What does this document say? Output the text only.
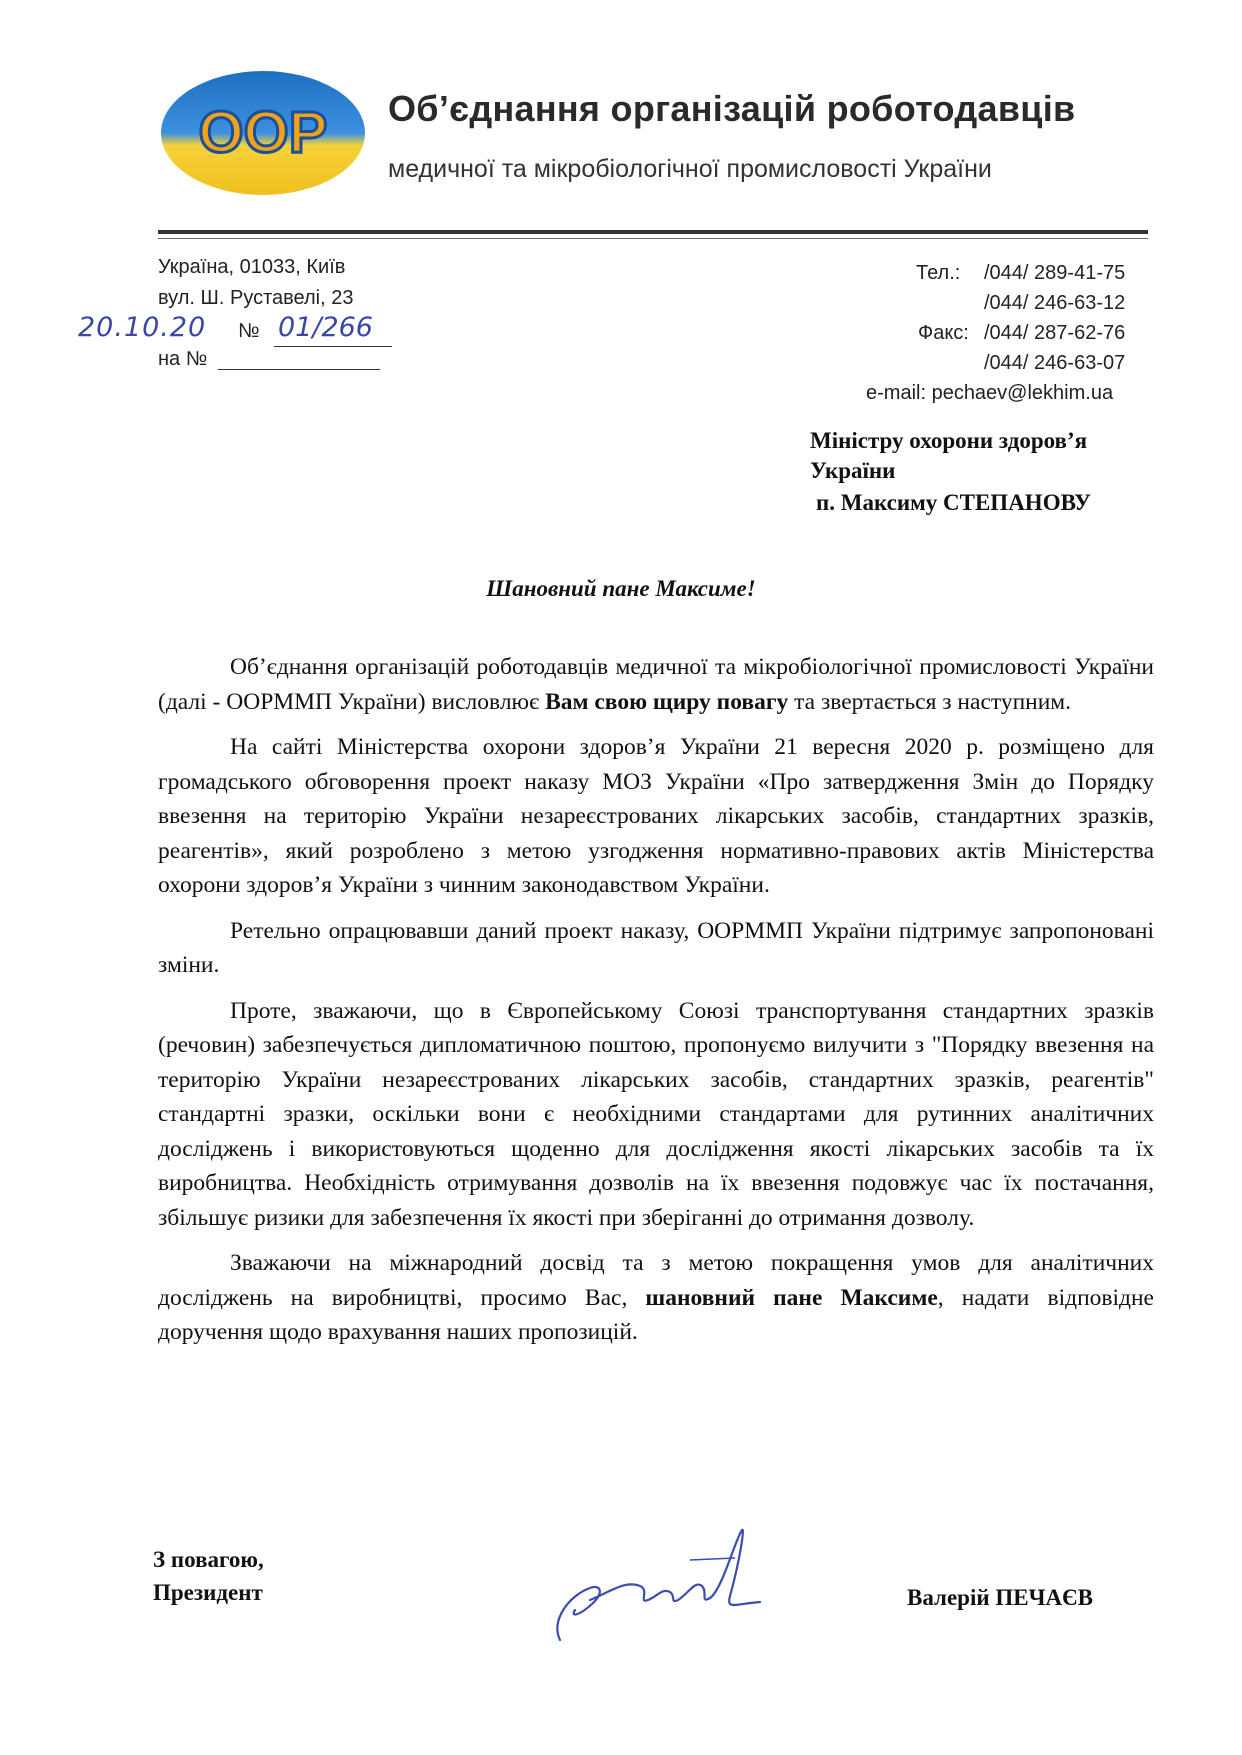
ООР Об’єднання організацій роботодавців
медичної та мікробіологічної промисловості України
Україна, 01033, Київ
вул. Ш. Руставелі, 23
20.10.20 № 01/266
на №
Тел.: /044/ 289-41-75
/044/ 246-63-12
Факс: /044/ 287-62-76
/044/ 246-63-07
e-mail: pechaev@lekhim.ua
Міністру охорони здоров’я
України
п. Максиму СТЕПАНОВУ
Шановний пане Максиме!

Об’єднання організацій роботодавців медичної та мікробіологічної промисловості України (далі - ООРММП України) висловлює Вам свою щиру повагу та звертається з наступним.

На сайті Міністерства охорони здоров’я України 21 вересня 2020 р. розміщено для громадського обговорення проект наказу МОЗ України «Про затвердження Змін до Порядку ввезення на територію України незареєстрованих лікарських засобів, стандартних зразків, реагентів», який розроблено з метою узгодження нормативно-правових актів Міністерства охорони здоров’я України з чинним законодавством України.

Ретельно опрацювавши даний проект наказу, ООРММП України підтримує запропоновані зміни.

Проте, зважаючи, що в Європейському Союзі транспортування стандартних зразків (речовин) забезпечується дипломатичною поштою, пропонуємо вилучити з "Порядку ввезення на територію України незареєстрованих лікарських засобів, стандартних зразків, реагентів" стандартні зразки, оскільки вони є необхідними стандартами для рутинних аналітичних досліджень і використовуються щоденно для дослідження якості лікарських засобів та їх виробництва. Необхідність отримування дозволів на їх ввезення подовжує час їх постачання, збільшує ризики для забезпечення їх якості при зберіганні до отримання дозволу.

Зважаючи на міжнародний досвід та з метою покращення умов для аналітичних досліджень на виробництві, просимо Вас, шановний пане Максиме, надати відповідне доручення щодо врахування наших пропозицій.

З повагою,
Президент	Валерій ПЕЧАЄВ
